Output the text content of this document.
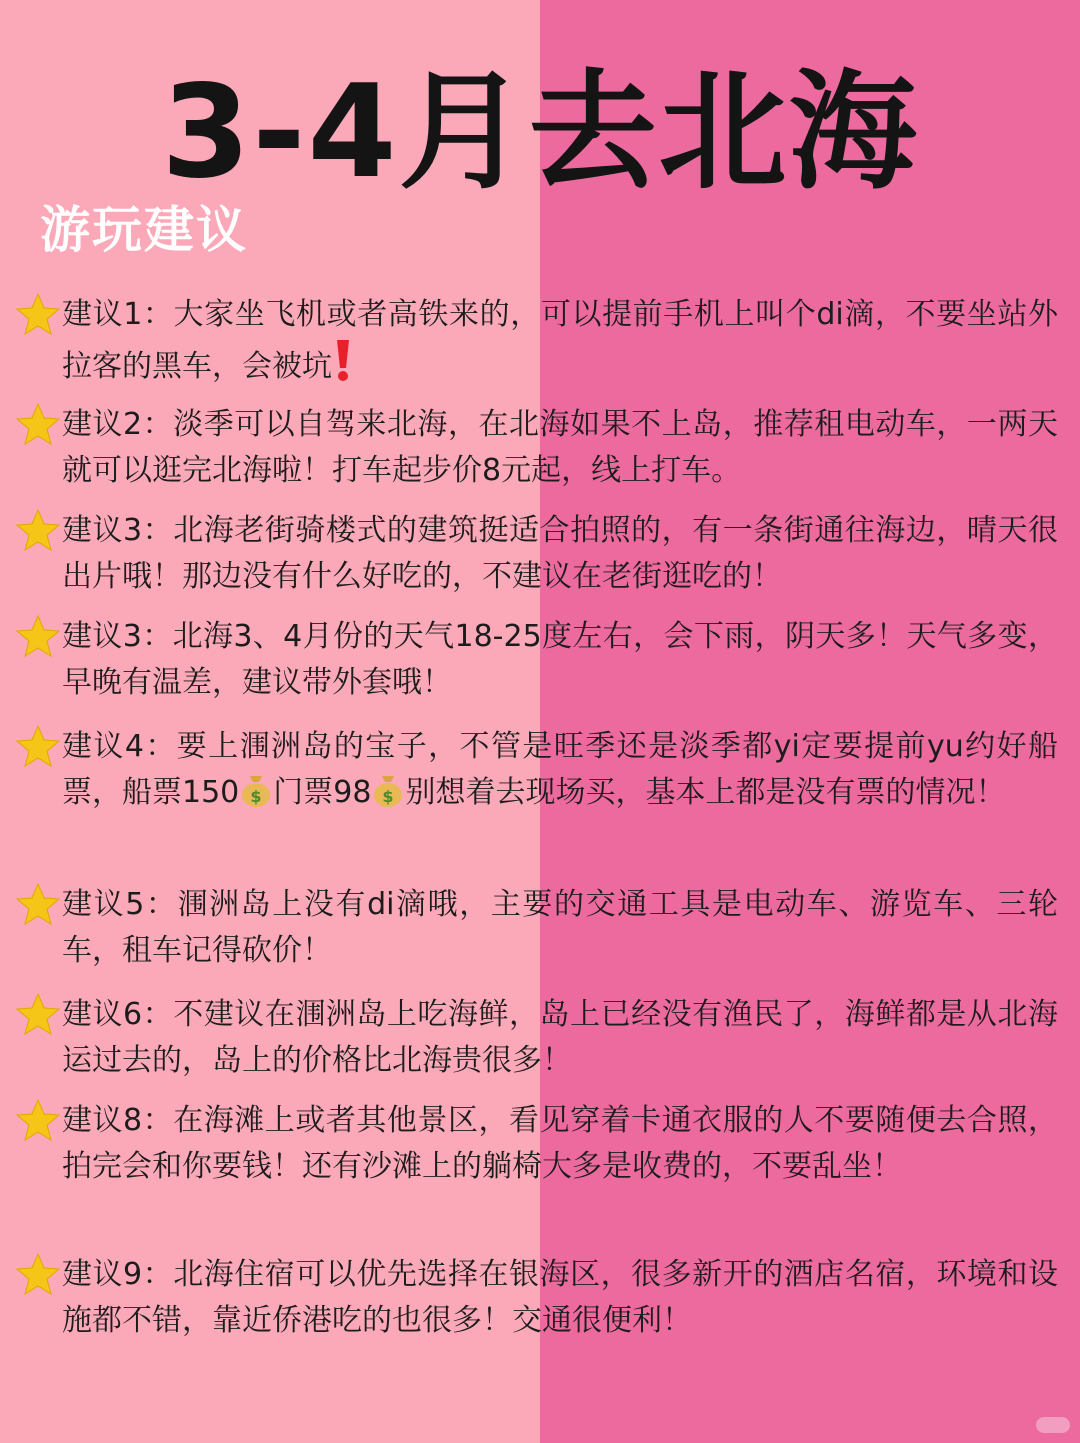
3-4月去北海
游玩建议

建议1：大家坐飞机或者高铁来的，可以提前手机上叫个di滴，不要坐站外拉客的黑车，会被坑

建议2：淡季可以自驾来北海，在北海如果不上岛，推荐租电动车，一两天就可以逛完北海啦！打车起步价8元起，线上打车。

建议3：北海老街骑楼式的建筑挺适合拍照的，有一条街通往海边，晴天很出片哦！那边没有什么好吃的，不建议在老街逛吃的！

建议3：北海3、4月份的天气18-25度左右，会下雨，阴天多！天气多变，早晚有温差，建议带外套哦！

建议4：要上涠洲岛的宝子，不管是旺季还是淡季都yi定要提前yu约好船票，船票150 $ 门票98 $ 别想着去现场买，基本上都是没有票的情况！

建议5：涠洲岛上没有di滴哦，主要的交通工具是电动车、游览车、三轮车，租车记得砍价！

建议6：不建议在涠洲岛上吃海鲜，岛上已经没有渔民了，海鲜都是从北海运过去的，岛上的价格比北海贵很多！

建议8：在海滩上或者其他景区，看见穿着卡通衣服的人不要随便去合照，拍完会和你要钱！还有沙滩上的躺椅大多是收费的，不要乱坐！

建议9：北海住宿可以优先选择在银海区，很多新开的酒店名宿，环境和设施都不错，靠近侨港吃的也很多！交通很便利！
